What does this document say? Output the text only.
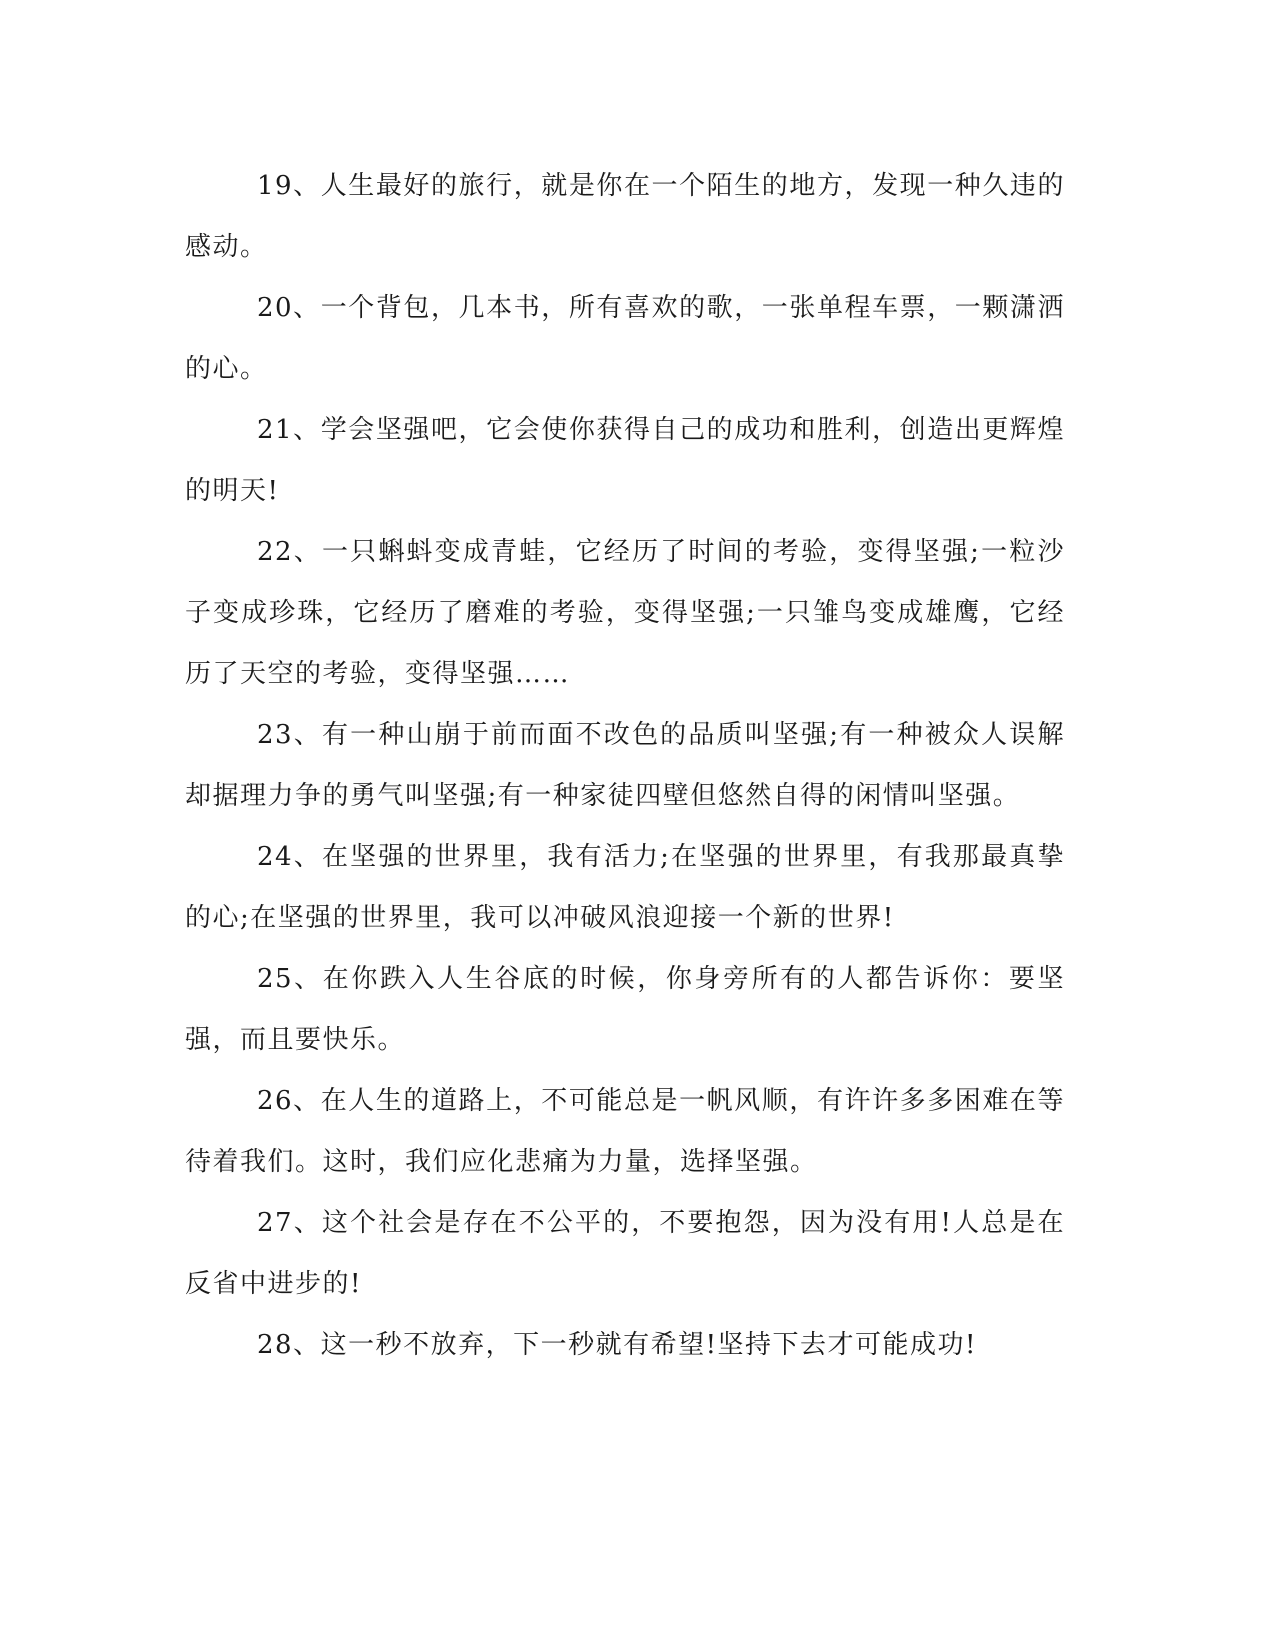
19、人生最好的旅行，就是你在一个陌生的地方，发现一种久违的感动。

20、一个背包，几本书，所有喜欢的歌，一张单程车票，一颗潇洒的心。

21、学会坚强吧，它会使你获得自己的成功和胜利，创造出更辉煌的明天!

22、一只蝌蚪变成青蛙，它经历了时间的考验，变得坚强;一粒沙子变成珍珠，它经历了磨难的考验，变得坚强;一只雏鸟变成雄鹰，它经历了天空的考验，变得坚强……

23、有一种山崩于前而面不改色的品质叫坚强;有一种被众人误解却据理力争的勇气叫坚强;有一种家徒四壁但悠然自得的闲情叫坚强。

24、在坚强的世界里，我有活力;在坚强的世界里，有我那最真挚的心;在坚强的世界里，我可以冲破风浪迎接一个新的世界!

25、在你跌入人生谷底的时候，你身旁所有的人都告诉你：要坚强，而且要快乐。

26、在人生的道路上，不可能总是一帆风顺，有许许多多困难在等待着我们。这时，我们应化悲痛为力量，选择坚强。

27、这个社会是存在不公平的，不要抱怨，因为没有用!人总是在反省中进步的!

28、这一秒不放弃，下一秒就有希望!坚持下去才可能成功!
